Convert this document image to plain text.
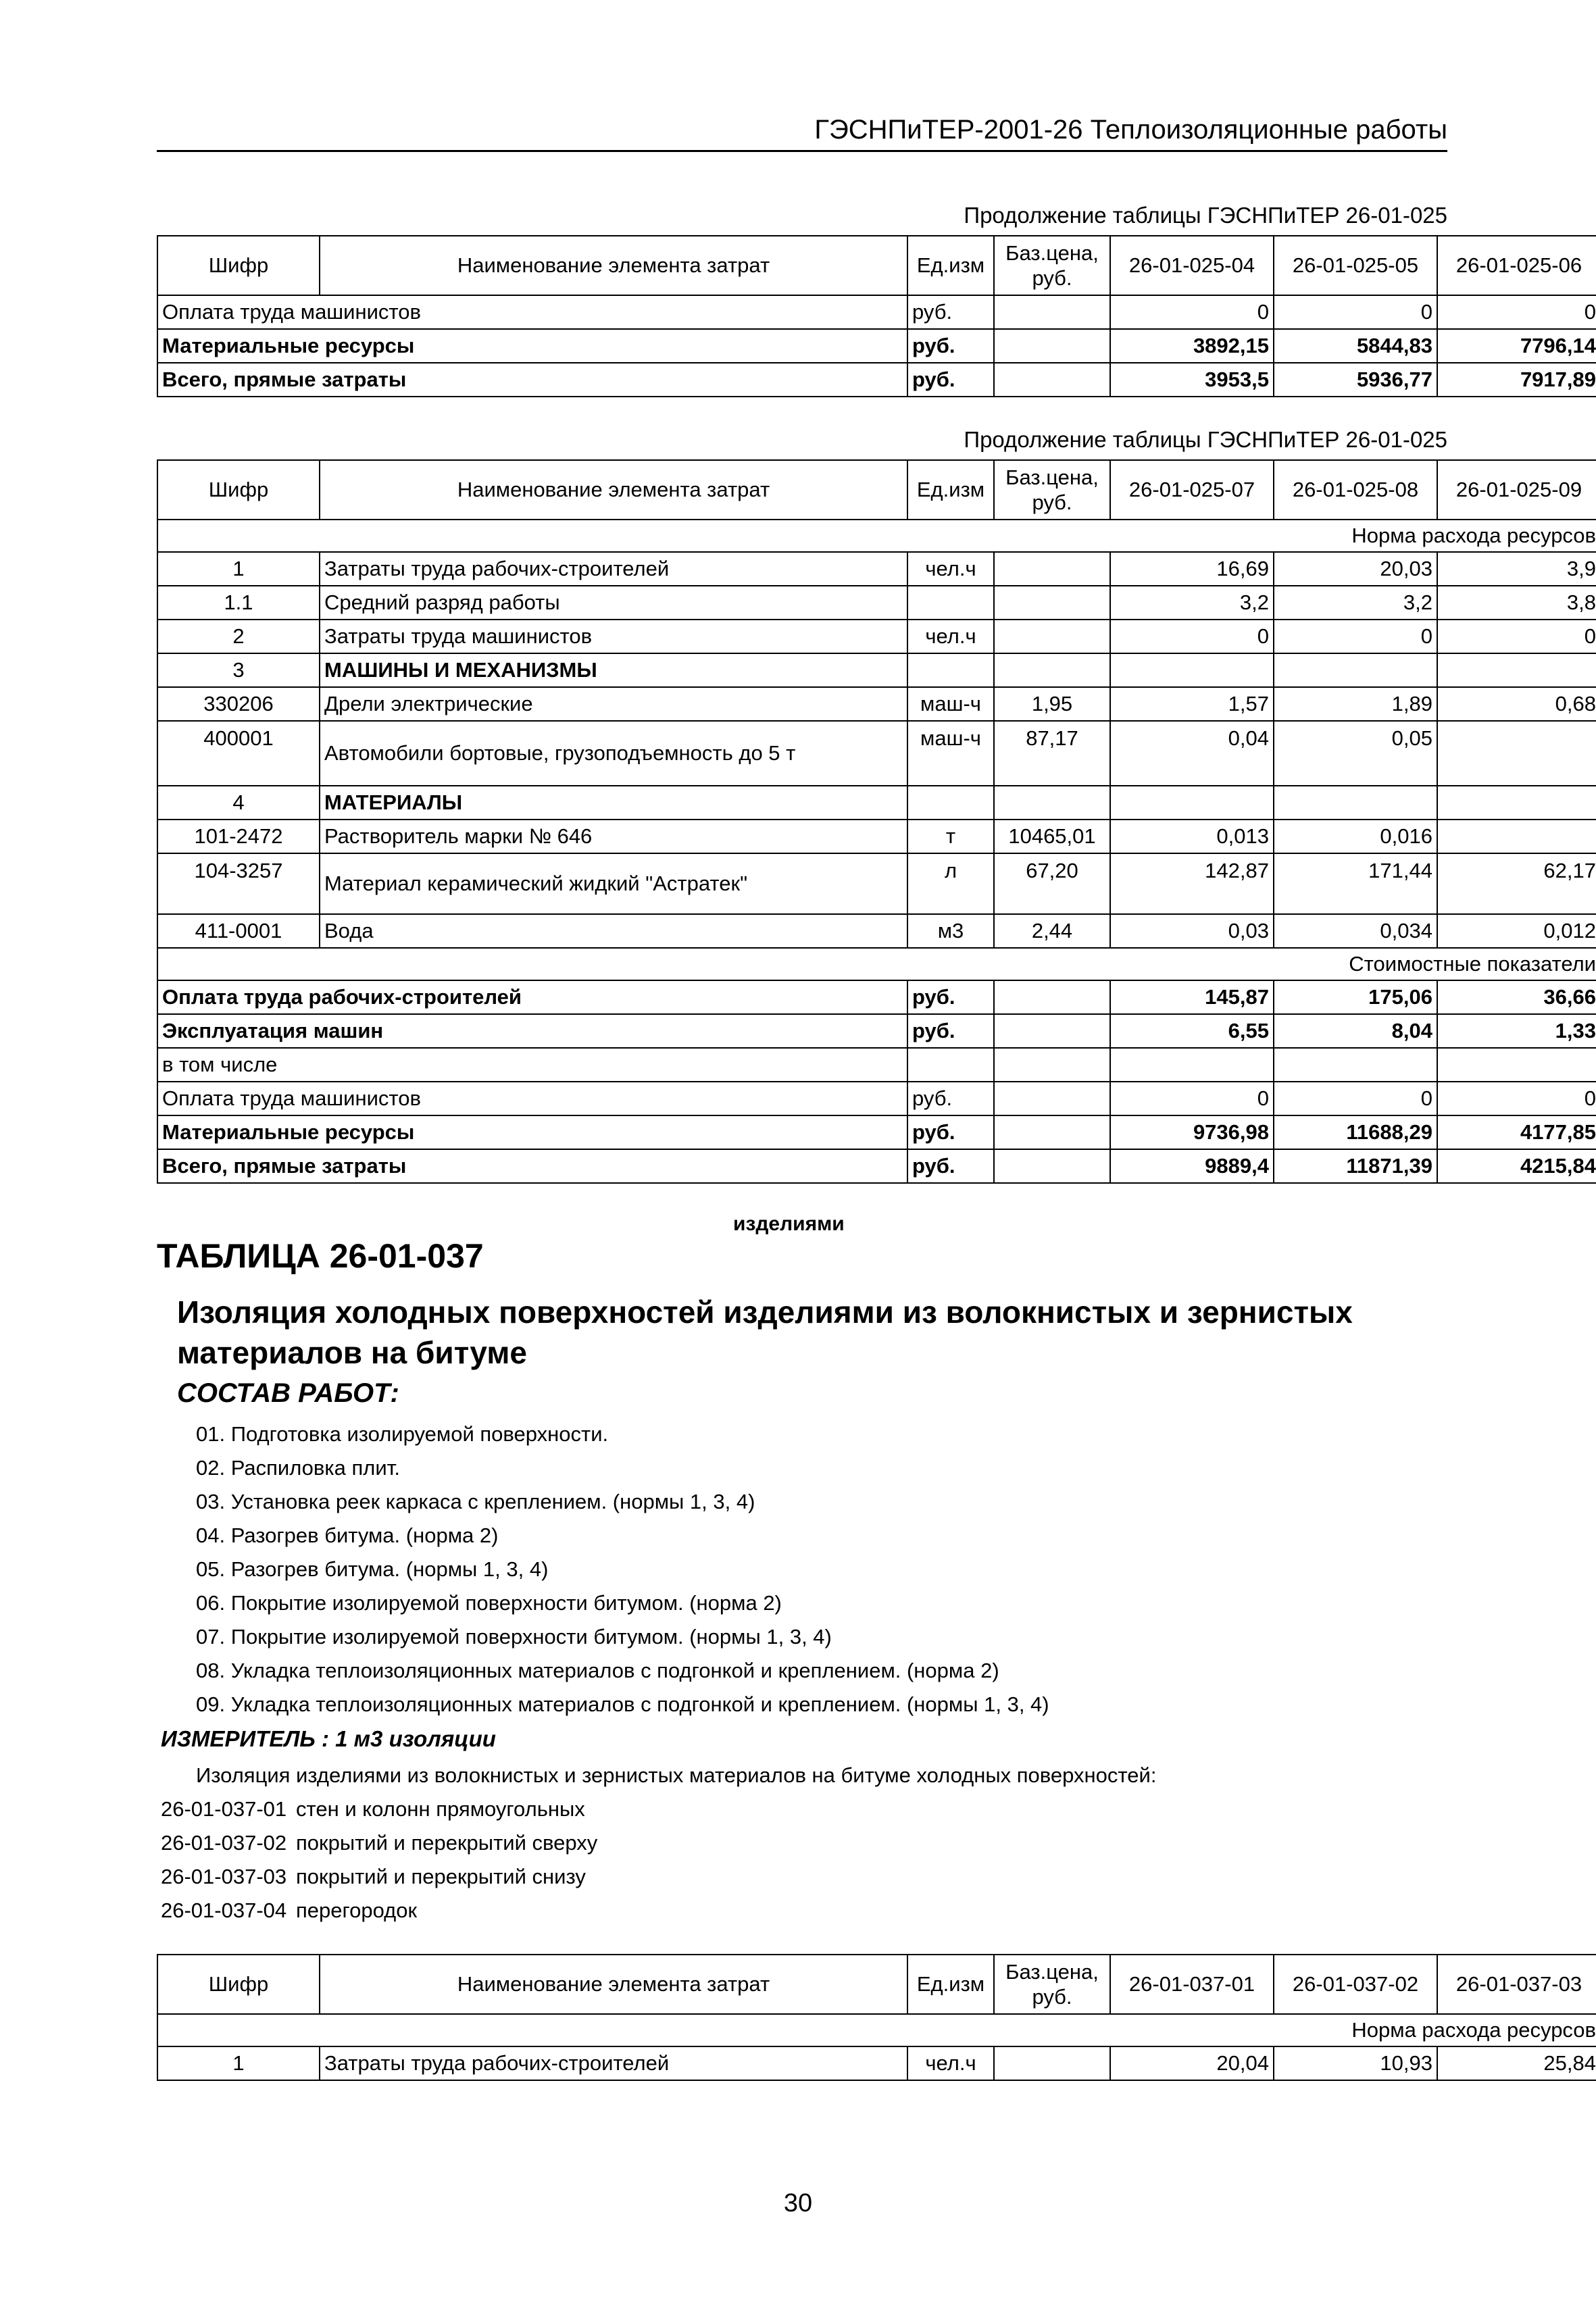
ГЭСНПиТЕР-2001-26 Теплоизоляционные работы
Продолжение таблицы ГЭСНПиТЕР 26-01-025
Шифр	Наименование элемента затрат	Ед.изм	Баз.цена,
руб.	26-01-025-04	26-01-025-05	26-01-025-06
Оплата труда машинистов		руб.		0	0	0
Материальные ресурсы		руб.		3892,15	5844,83	7796,14
Всего, прямые затраты		руб.		3953,5	5936,77	7917,89
Продолжение таблицы ГЭСНПиТЕР 26-01-025
Шифр	Наименование элемента затрат	Ед.изм	Баз.цена,
руб.	26-01-025-07	26-01-025-08	26-01-025-09
Норма расхода ресурсов						
1	Затраты труда рабочих-строителей	чел.ч		16,69	20,03	3,9
1.1	Средний разряд работы			3,2	3,2	3,8
2	Затраты труда машинистов	чел.ч		0	0	0
3	МАШИНЫ И МЕХАНИЗМЫ					
330206	Дрели электрические	маш-ч	1,95	1,57	1,89	0,68
400001	Автомобили бортовые, грузоподъемность до 5 т	маш-ч	87,17	0,04	0,05	
4	МАТЕРИАЛЫ					
101-2472	Растворитель марки № 646	т	10465,01	0,013	0,016	
104-3257	Материал керамический жидкий "Астратек"	л	67,20	142,87	171,44	62,17
411-0001	Вода	м3	2,44	0,03	0,034	0,012
Стоимостные показатели						
Оплата труда рабочих-строителей		руб.		145,87	175,06	36,66
Эксплуатация машин		руб.		6,55	8,04	1,33
в том числе						
Оплата труда машинистов		руб.		0	0	0
Материальные ресурсы		руб.		9736,98	11688,29	4177,85
Всего, прямые затраты		руб.		9889,4	11871,39	4215,84
изделиями
ТАБЛИЦА 26-01-037
Изоляция холодных поверхностей изделиями из волокнистых и зернистых
материалов на битуме
СОСТАВ РАБОТ:
01. Подготовка изолируемой поверхности.
02. Распиловка плит.
03. Установка реек каркаса с креплением. (нормы 1, 3, 4)
04. Разогрев битума. (норма 2)
05. Разогрев битума. (нормы 1, 3, 4)
06. Покрытие изолируемой поверхности битумом. (норма 2)
07. Покрытие изолируемой поверхности битумом. (нормы 1, 3, 4)
08. Укладка теплоизоляционных материалов с подгонкой и креплением. (норма 2)
09. Укладка теплоизоляционных материалов с подгонкой и креплением. (нормы 1, 3, 4)
ИЗМЕРИТЕЛЬ : 1 м3 изоляции
Изоляция изделиями из волокнистых и зернистых материалов на битуме холодных поверхностей:
26-01-037-01 стен и колонн прямоугольных
26-01-037-02 покрытий и перекрытий сверху
26-01-037-03 покрытий и перекрытий снизу
26-01-037-04 перегородок
Шифр	Наименование элемента затрат	Ед.изм	Баз.цена,
руб.	26-01-037-01	26-01-037-02	26-01-037-03
Норма расхода ресурсов						
1	Затраты труда рабочих-строителей	чел.ч		20,04	10,93	25,84
30
